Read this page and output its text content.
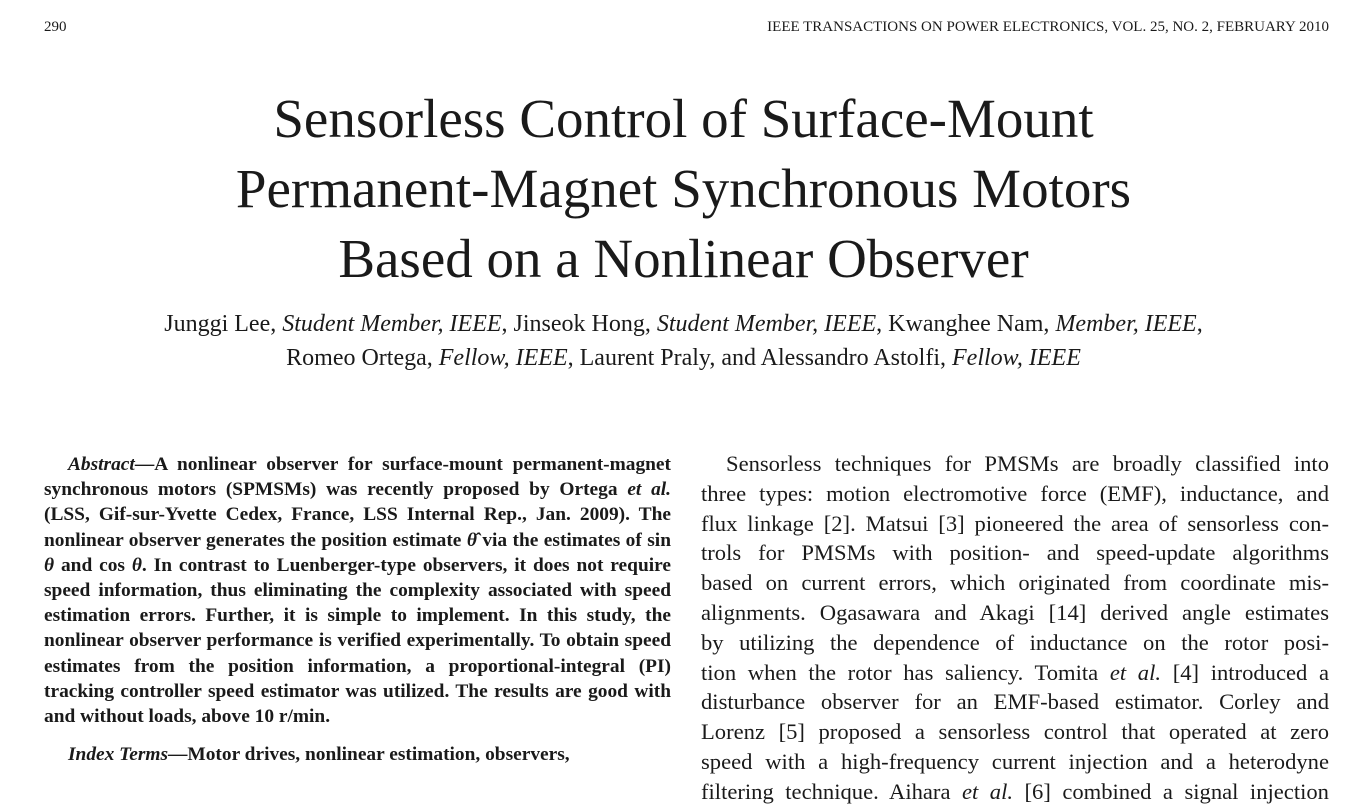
290	IEEE TRANSACTIONS ON POWER ELECTRONICS, VOL. 25, NO. 2, FEBRUARY 2010
Sensorless Control of Surface-Mount
Permanent-Magnet Synchronous Motors
Based on a Nonlinear Observer
Junggi Lee, Student Member, IEEE, Jinseok Hong, Student Member, IEEE, Kwanghee Nam, Member, IEEE,
Romeo Ortega, Fellow, IEEE, Laurent Praly, and Alessandro Astolfi, Fellow, IEEE

Abstract—A nonlinear observer for surface-mount permanent-magnet synchronous motors (SPMSMs) was recently proposed by Ortega et al. (LSS, Gif-sur-Yvette Cedex, France, LSS Internal Rep., Jan. 2009). The nonlinear observer generates the position estimate θ̂ via the estimates of sin θ and cos θ. In contrast to Luenberger-type observers, it does not require speed information, thus eliminating the complexity associated with speed estimation errors. Further, it is simple to implement. In this study, the nonlinear observer performance is verified experimentally. To obtain speed estimates from the position information, a proportional-integral (PI) tracking controller speed estimator was utilized. The results are good with and without loads, above 10 r/min.

Index Terms—Motor drives, nonlinear estimation, observers,

Sensorless techniques for PMSMs are broadly classified into
three types: motion electromotive force (EMF), inductance, and
flux linkage [2]. Matsui [3] pioneered the area of sensorless con-
trols for PMSMs with position- and speed-update algorithms
based on current errors, which originated from coordinate mis-
alignments. Ogasawara and Akagi [14] derived angle estimates
by utilizing the dependence of inductance on the rotor posi-
tion when the rotor has saliency. Tomita et al. [4] introduced a
disturbance observer for an EMF-based estimator. Corley and
Lorenz [5] proposed a sensorless control that operated at zero
speed with a high-frequency current injection and a heterodyne
filtering technique. Aihara et al. [6] combined a signal injection
